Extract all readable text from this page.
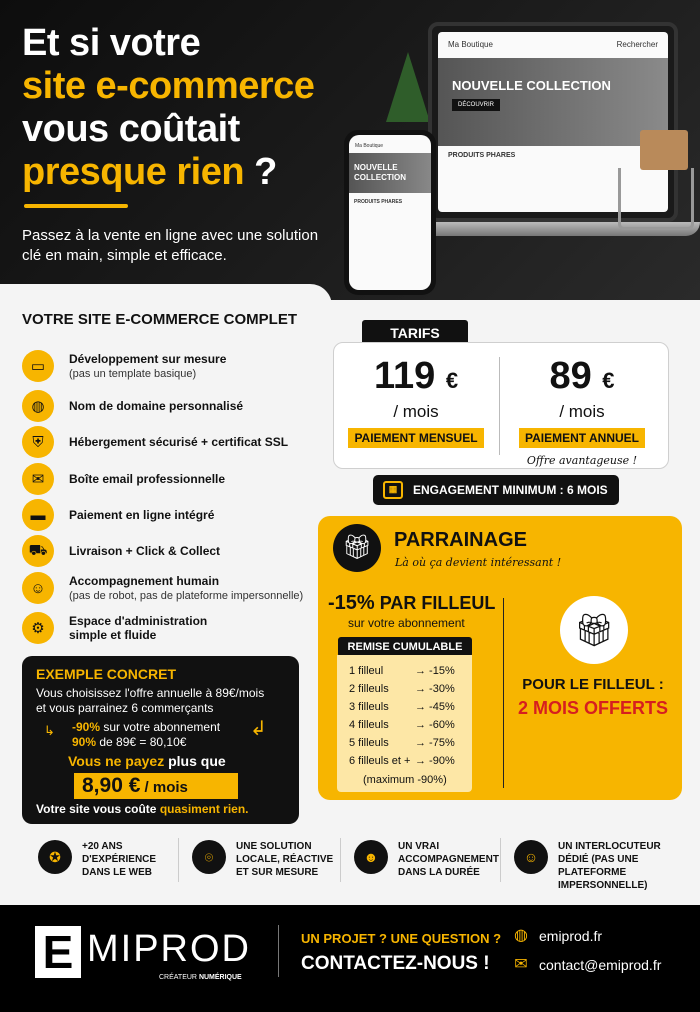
Et si votre
site e-commerce
vous coûtait
presque rien ?

Passez à la vente en ligne avec une solution clé en main, simple et efficace.

Ma Boutique	Rechercher
NOUVELLE COLLECTION
DÉCOUVRIR
PRODUITS PHARES
Ma Boutique
NOUVELLE COLLECTION
PRODUITS PHARES
VOTRE SITE E-COMMERCE COMPLET
▭	Développement sur mesure
(pas un template basique)
◍	Nom de domaine personnalisé
⛨	Hébergement sécurisé + certificat SSL
✉	Boîte email professionnelle
▬	Paiement en ligne intégré
⛟	Livraison + Click & Collect
☺	Accompagnement humain
(pas de robot, pas de plateforme impersonnelle)
⚙	Espace d'administration
simple et fluide
TARIFS
119 €
/ mois
PAIEMENT MENSUEL
89 €
/ mois
PAIEMENT ANNUEL
Offre avantageuse !
▦	ENGAGEMENT MINIMUM : 6 MOIS
🎁︎	PARRAINAGE
Là où ça devient intéressant !
-15% PAR FILLEUL
sur votre abonnement
REMISE CUMULABLE
1 filleul	→ -15%
2 filleuls	→ -30%
3 filleuls	→ -45%
4 filleuls	→ -60%
5 filleuls	→ -75%
6 filleuls et + → -90%
(maximum -90%)
🎁︎
POUR LE FILLEUL :
2 MOIS OFFERTS
EXEMPLE CONCRET
Vous choisissez l'offre annuelle à 89€/mois
et vous parrainez 6 commerçants
↳ -90% sur votre abonnement
90% de 89€ = 80,10€
↲
Vous ne payez plus que
8,90 € / mois
Votre site vous coûte quasiment rien.
✪
+20 ANS
D'EXPÉRIENCE
DANS LE WEB
⌾
UNE SOLUTION
LOCALE, RÉACTIVE
ET SUR MESURE
☻
UN VRAI
ACCOMPAGNEMENT
DANS LA DURÉE
☺
UN INTERLOCUTEUR
DÉDIÉ (PAS UNE
PLATEFORME
IMPERSONNELLE)
E MIPROD
CRÉATEUR NUMÉRIQUE
UN PROJET ? UNE QUESTION ?
CONTACTEZ-NOUS !
◍ emiprod.fr
✉ contact@emiprod.fr
